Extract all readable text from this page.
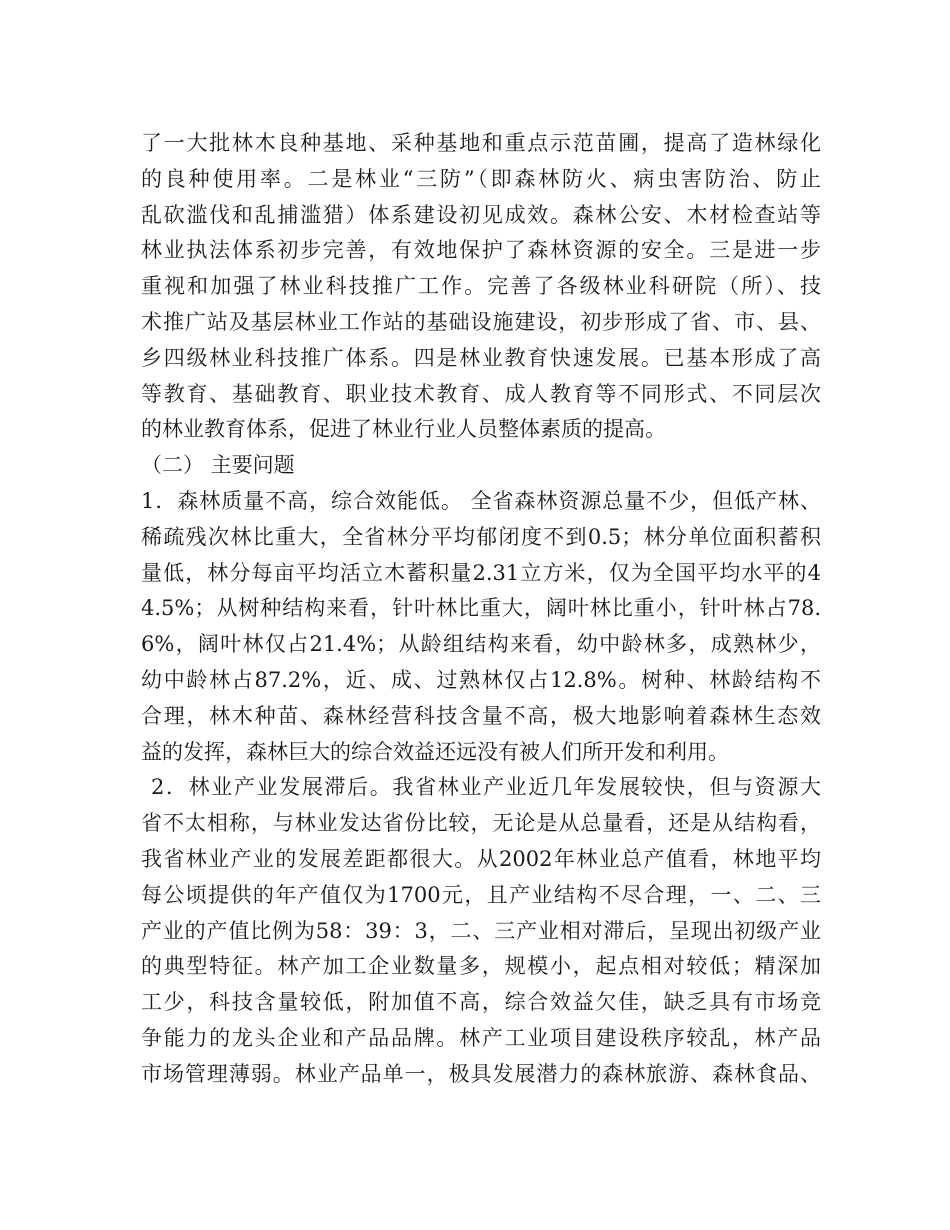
了一大批林木良种基地、采种基地和重点示范苗圃，提高了造林绿化
的良种使用率。二是林业“三防”（即森林防火、病虫害防治、防止
乱砍滥伐和乱捕滥猎）体系建设初见成效。森林公安、木材检查站等
林业执法体系初步完善，有效地保护了森林资源的安全。三是进一步
重视和加强了林业科技推广工作。完善了各级林业科研院（所）、技
术推广站及基层林业工作站的基础设施建设，初步形成了省、市、县、
乡四级林业科技推广体系。四是林业教育快速发展。已基本形成了高
等教育、基础教育、职业技术教育、成人教育等不同形式、不同层次
的林业教育体系，促进了林业行业人员整体素质的提高。
（二） 主要问题
1．森林质量不高，综合效能低。 全省森林资源总量不少，但低产林、
稀疏残次林比重大，全省林分平均郁闭度不到0.5；林分单位面积蓄积
量低，林分每亩平均活立木蓄积量2.31立方米，仅为全国平均水平的4
4.5%；从树种结构来看，针叶林比重大，阔叶林比重小，针叶林占78.
6%，阔叶林仅占21.4%；从龄组结构来看，幼中龄林多，成熟林少，
幼中龄林占87.2%，近、成、过熟林仅占12.8%。树种、林龄结构不
合理，林木种苗、森林经营科技含量不高，极大地影响着森林生态效
益的发挥，森林巨大的综合效益还远没有被人们所开发和利用。
2．林业产业发展滞后。我省林业产业近几年发展较快，但与资源大
省不太相称，与林业发达省份比较，无论是从总量看，还是从结构看，
我省林业产业的发展差距都很大。从2002年林业总产值看，林地平均
每公顷提供的年产值仅为1700元，且产业结构不尽合理，一、二、三
产业的产值比例为58：39：3，二、三产业相对滞后，呈现出初级产业
的典型特征。林产加工企业数量多，规模小，起点相对较低；精深加
工少，科技含量较低，附加值不高，综合效益欠佳，缺乏具有市场竞
争能力的龙头企业和产品品牌。林产工业项目建设秩序较乱，林产品
市场管理薄弱。林业产品单一，极具发展潜力的森林旅游、森林食品、
